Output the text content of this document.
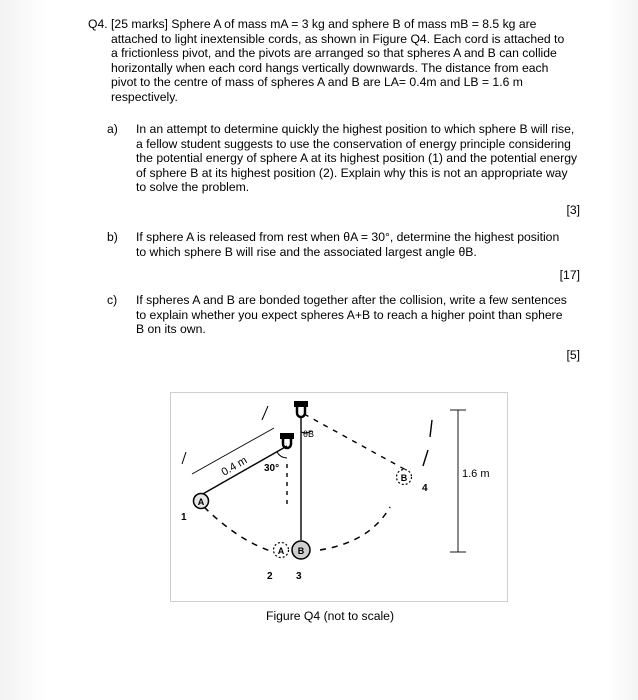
Q4. [25 marks] Sphere A of mass mA = 3 kg and sphere B of mass mB = 8.5 kg are
attached to light inextensible cords, as shown in Figure Q4. Each cord is attached to
a frictionless pivot, and the pivots are arranged so that spheres A and B can collide
horizontally when each cord hangs vertically downwards. The distance from each
pivot to the centre of mass of spheres A and B are LA= 0.4m and LB = 1.6 m
respectively.
a) In an attempt to determine quickly the highest position to which sphere B will rise,
a fellow student suggests to use the conservation of energy principle considering
the potential energy of sphere A at its highest position (1) and the potential energy
of sphere B at its highest position (2). Explain why this is not an appropriate way
to solve the problem.
[3]
b) If sphere A is released from rest when θA = 30°, determine the highest position
to which sphere B will rise and the associated largest angle θB.
[17]
c) If spheres A and B are bonded together after the collision, write a few sentences
to explain whether you expect spheres A+B to reach a higher point than sphere
B on its own.
[5]
0.4 m 30°
θB
A
1
A B
2 3
B
4
1.6 m
Figure Q4 (not to scale)
